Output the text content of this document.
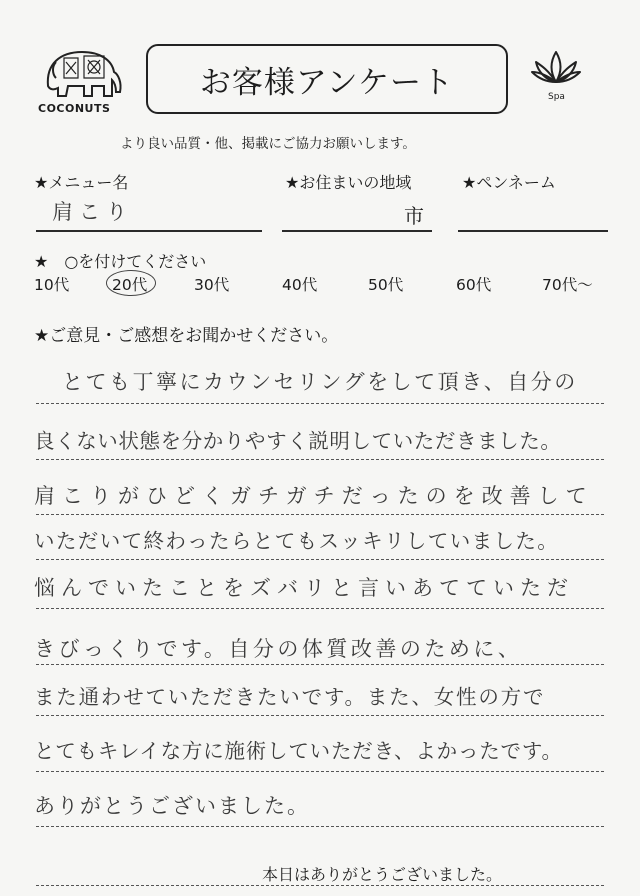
COCONUTS
お客様アンケート	Spa
より良い品質・他、掲載にご協力お願いします。
★メニュー名	★お住まいの地域	★ペンネーム
肩こり	市
★　○を付けてください
10代	20代	30代	40代	50代	60代	70代〜
★ご意見・ご感想をお聞かせください。
とても丁寧にカウンセリングをして頂き、自分の
良くない状態を分かりやすく説明していただきました。
肩こりがひどくガチガチだったのを改善して
いただいて終わったらとてもスッキリしていました。
悩んでいたことをズバリと言いあてていただ
きびっくりです。自分の体質改善のために、
また通わせていただきたいです。また、女性の方で
とてもキレイな方に施術していただき、よかったです。
ありがとうございました。
本日はありがとうございました。
